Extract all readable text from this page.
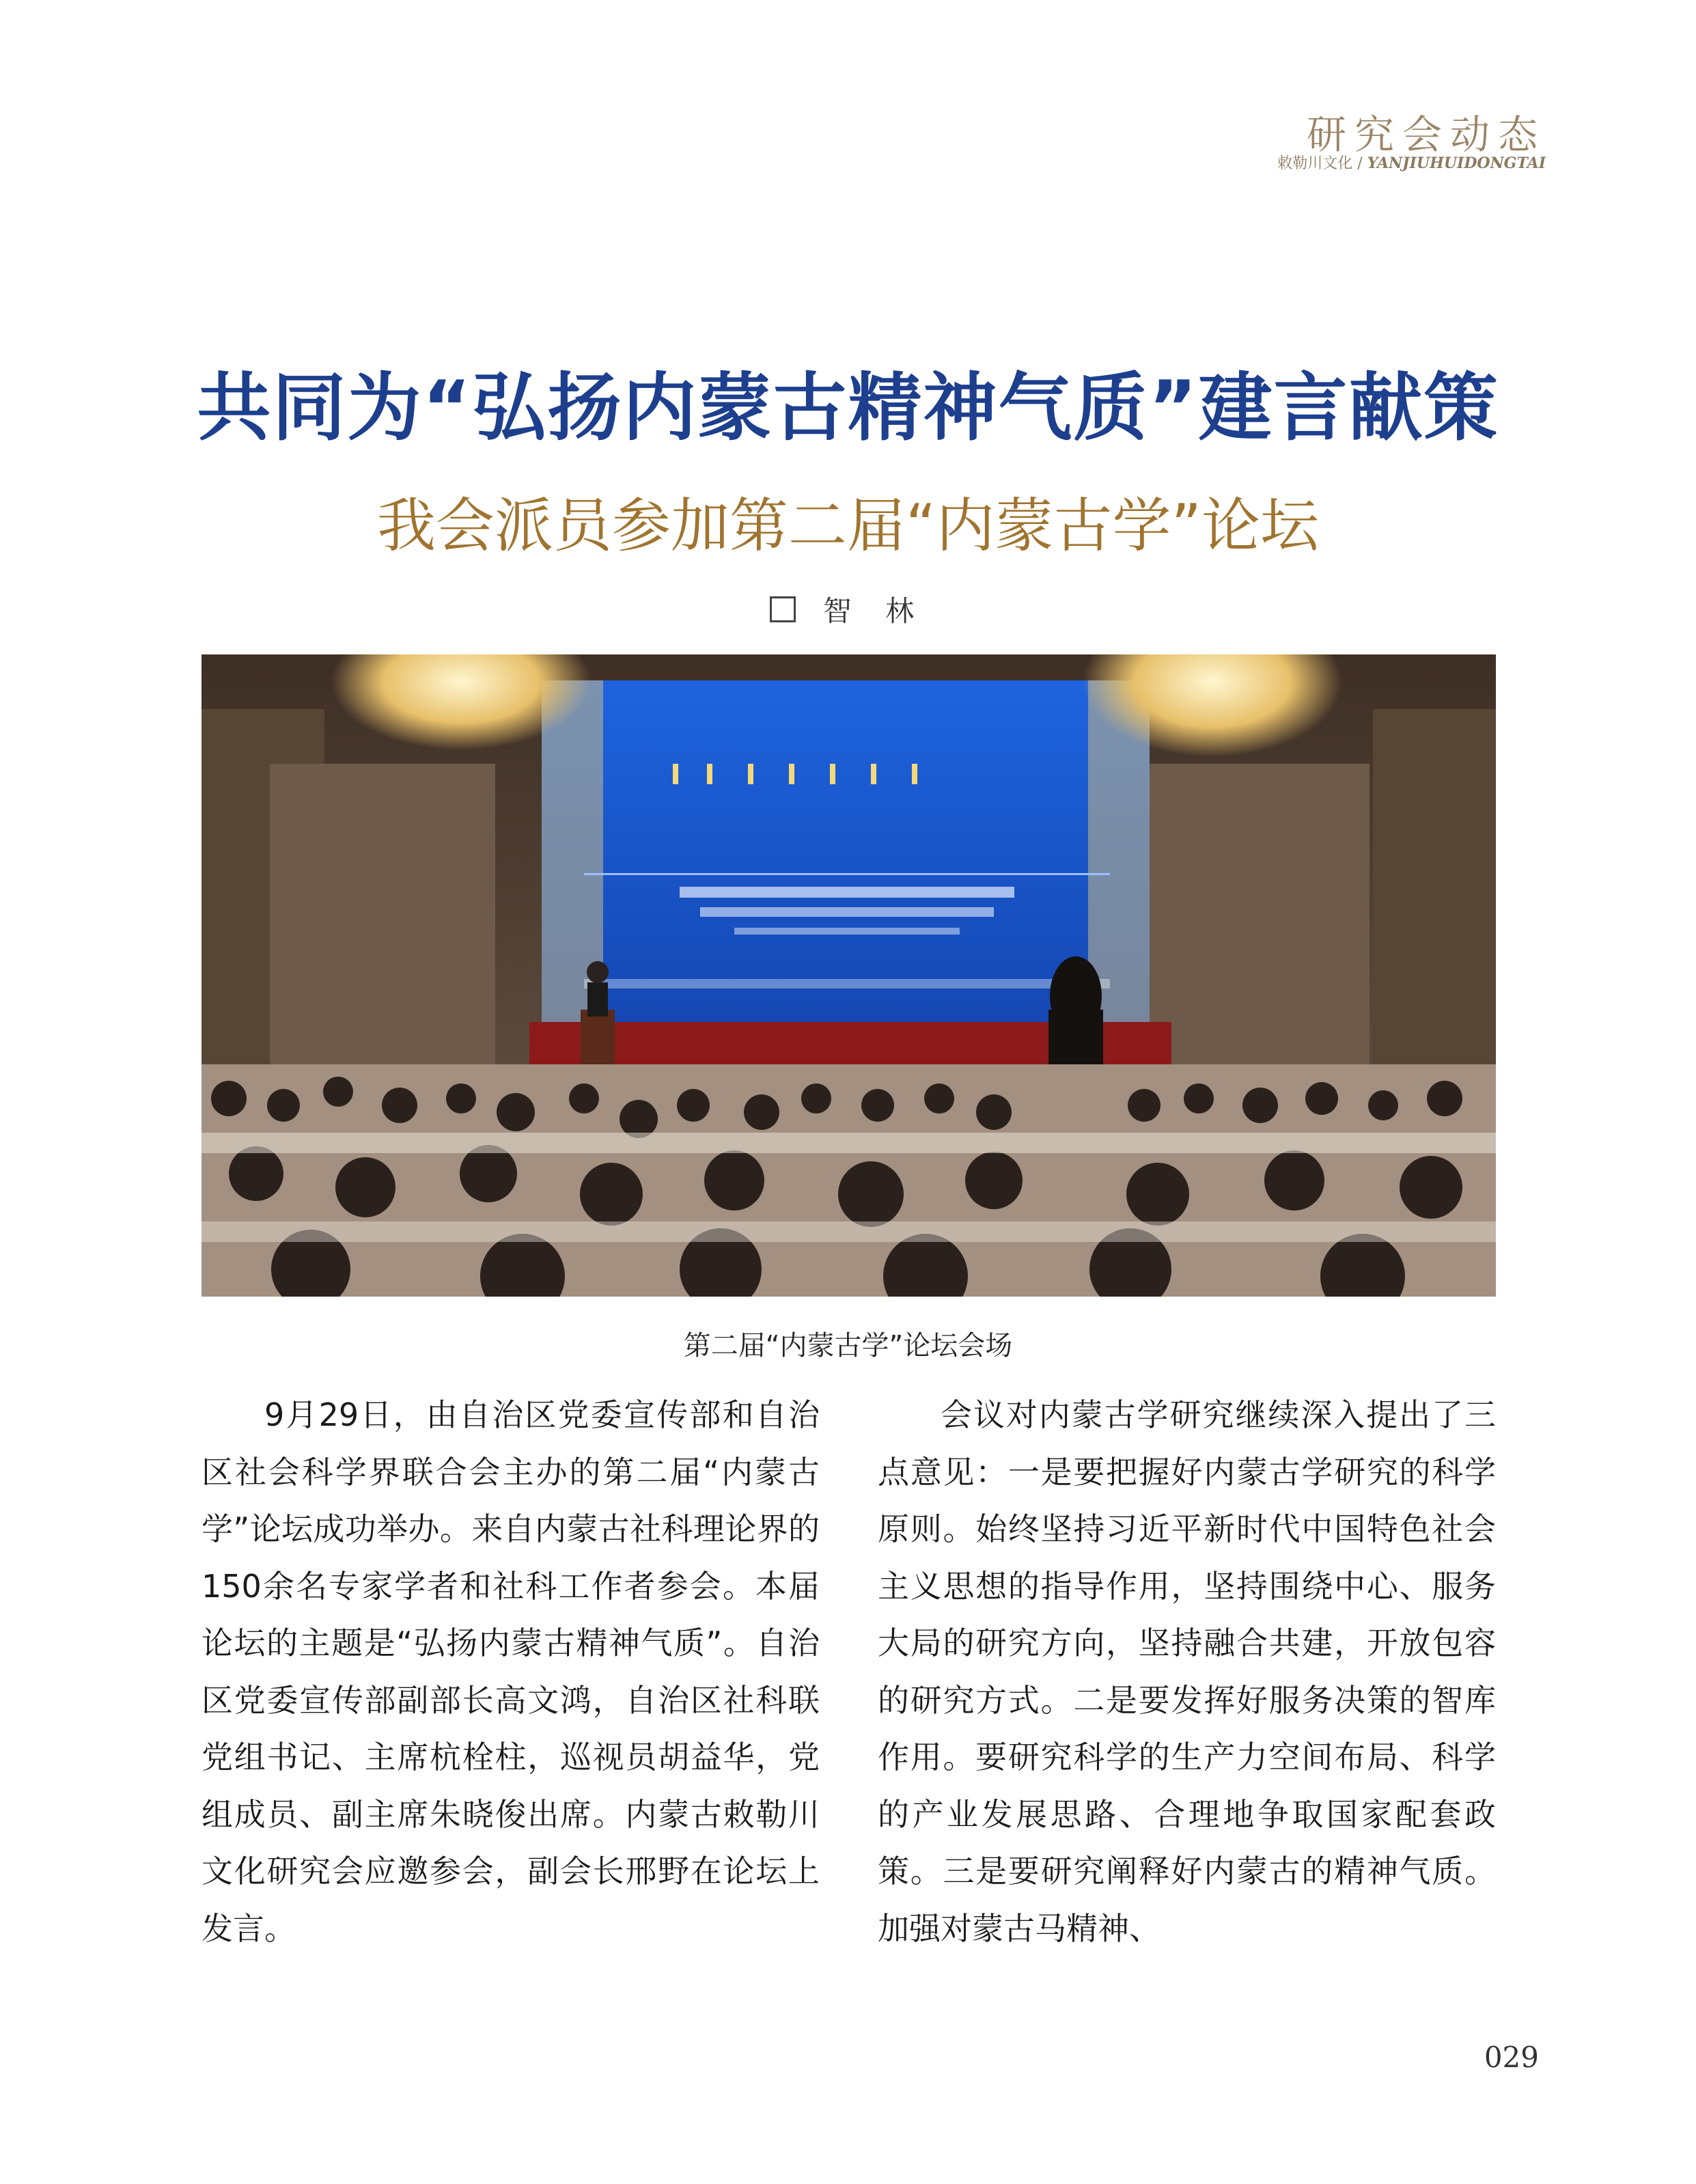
研究会动态
敕勒川文化 / YANJIUHUIDONGTAI
共同为“弘扬内蒙古精神气质”建言献策
我会派员参加第二届“内蒙古学”论坛
智 林
第二届“内蒙古学”论坛会场

9月29日，由自治区党委宣传部和自治区社会科学界联合会主办的第二届“内蒙古学”论坛成功举办。来自内蒙古社科理论界的150余名专家学者和社科工作者参会。本届论坛的主题是“弘扬内蒙古精神气质”。自治区党委宣传部副部长高文鸿，自治区社科联党组书记、主席杭栓柱，巡视员胡益华，党组成员、副主席朱晓俊出席。内蒙古敕勒川文化研究会应邀参会，副会长邢野在论坛上发言。

会议对内蒙古学研究继续深入提出了三点意见：一是要把握好内蒙古学研究的科学原则。始终坚持习近平新时代中国特色社会主义思想的指导作用，坚持围绕中心、服务大局的研究方向，坚持融合共建，开放包容的研究方式。二是要发挥好服务决策的智库作用。要研究科学的生产力空间布局、科学的产业发展思路、合理地争取国家配套政策。三是要研究阐释好内蒙古的精神气质。加强对蒙古马精神、

029
